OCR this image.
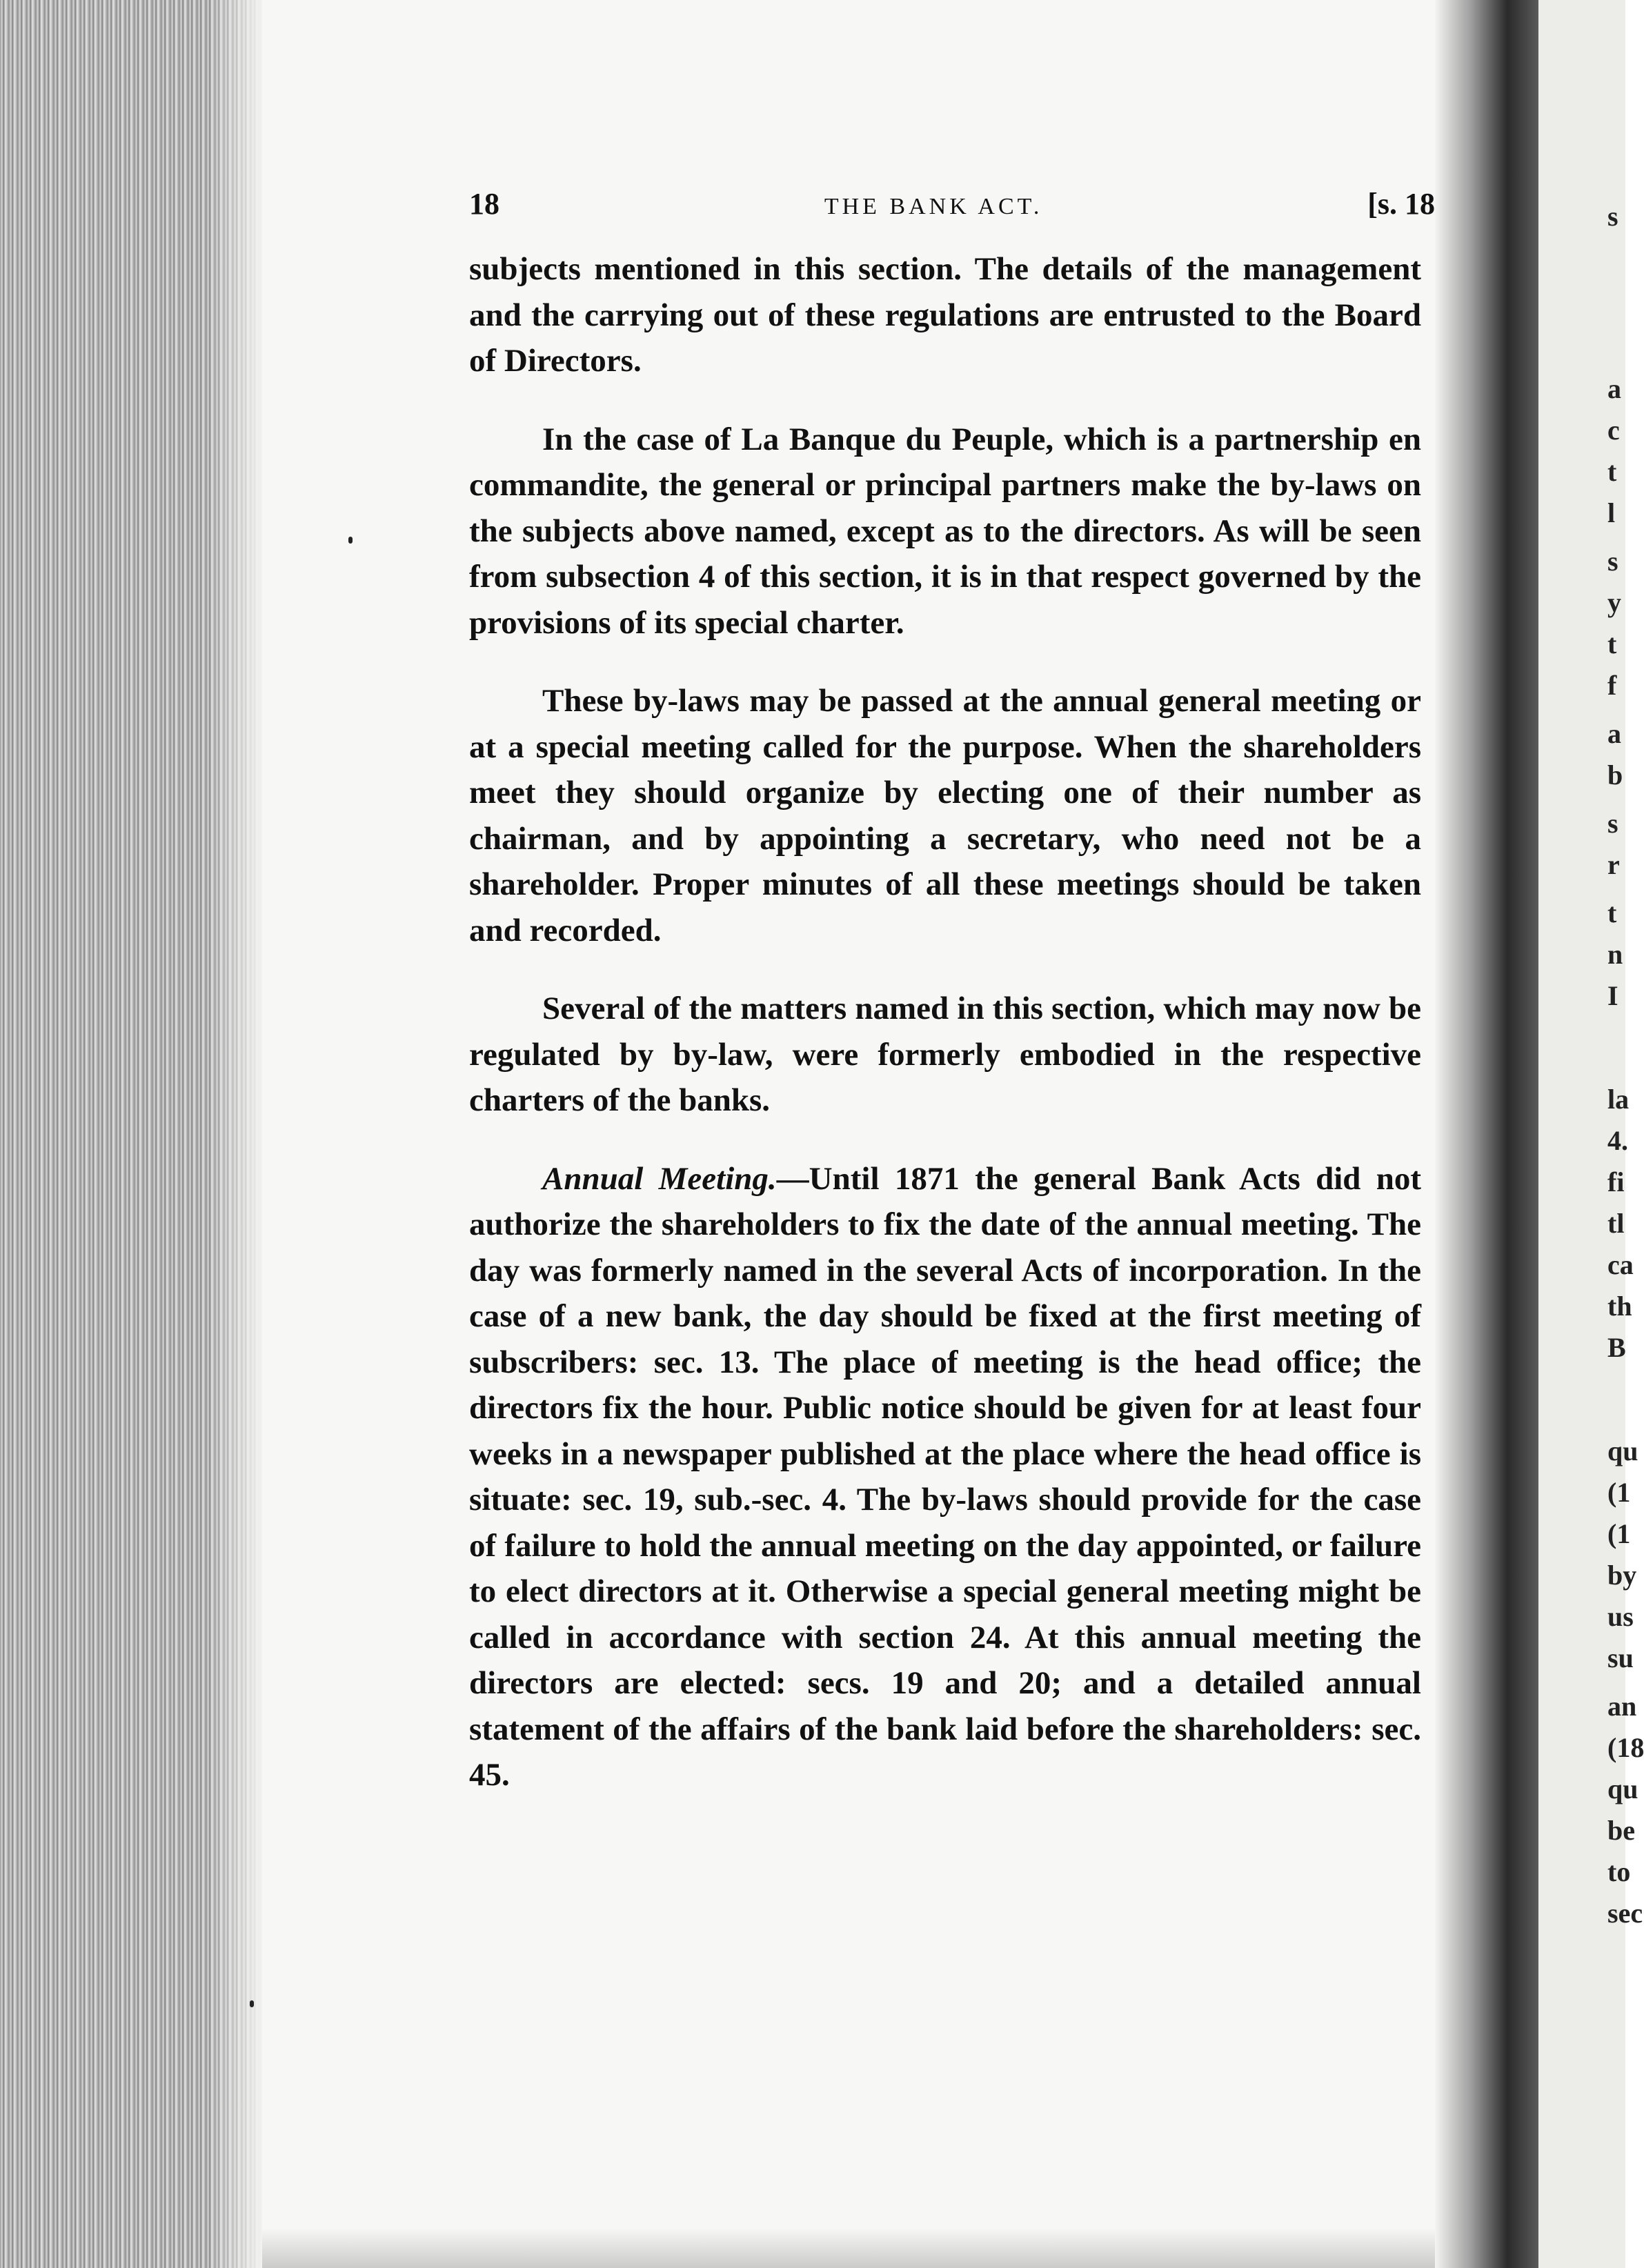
18	THE BANK ACT.	[s. 18

subjects mentioned in this section. The details of the management and the carrying out of these regulations are entrusted to the Board of Directors.

In the case of La Banque du Peuple, which is a partnership en commandite, the general or principal partners make the by-laws on the subjects above named, except as to the directors. As will be seen from subsection 4 of this section, it is in that respect governed by the provisions of its special charter.

These by-laws may be passed at the annual general meeting or at a special meeting called for the purpose. When the shareholders meet they should organize by electing one of their number as chairman, and by appointing a secretary, who need not be a shareholder. Proper minutes of all these meetings should be taken and recorded.

Several of the matters named in this section, which may now be regulated by by-law, were formerly embodied in the respective charters of the banks.

Annual Meeting.—Until 1871 the general Bank Acts did not authorize the shareholders to fix the date of the annual meeting. The day was formerly named in the several Acts of incorporation. In the case of a new bank, the day should be fixed at the first meeting of subscribers: sec. 13. The place of meeting is the head office; the directors fix the hour. Public notice should be given for at least four weeks in a newspaper published at the place where the head office is situate: sec. 19, sub.-sec. 4. The by-laws should provide for the case of failure to hold the annual meeting on the day appointed, or failure to elect directors at it. Otherwise a special general meeting might be called in accordance with section 24. At this annual meeting the directors are elected: secs. 19 and 20; and a detailed annual statement of the affairs of the bank laid before the shareholders: sec. 45.

s
a
c
t
l
s
y
t
f
a
b
s
r
t
n
I
la
4.
fi
tl
ca
th
B
qu
(1
(1
by
us
su
an
(18
qu
be
to
sec
